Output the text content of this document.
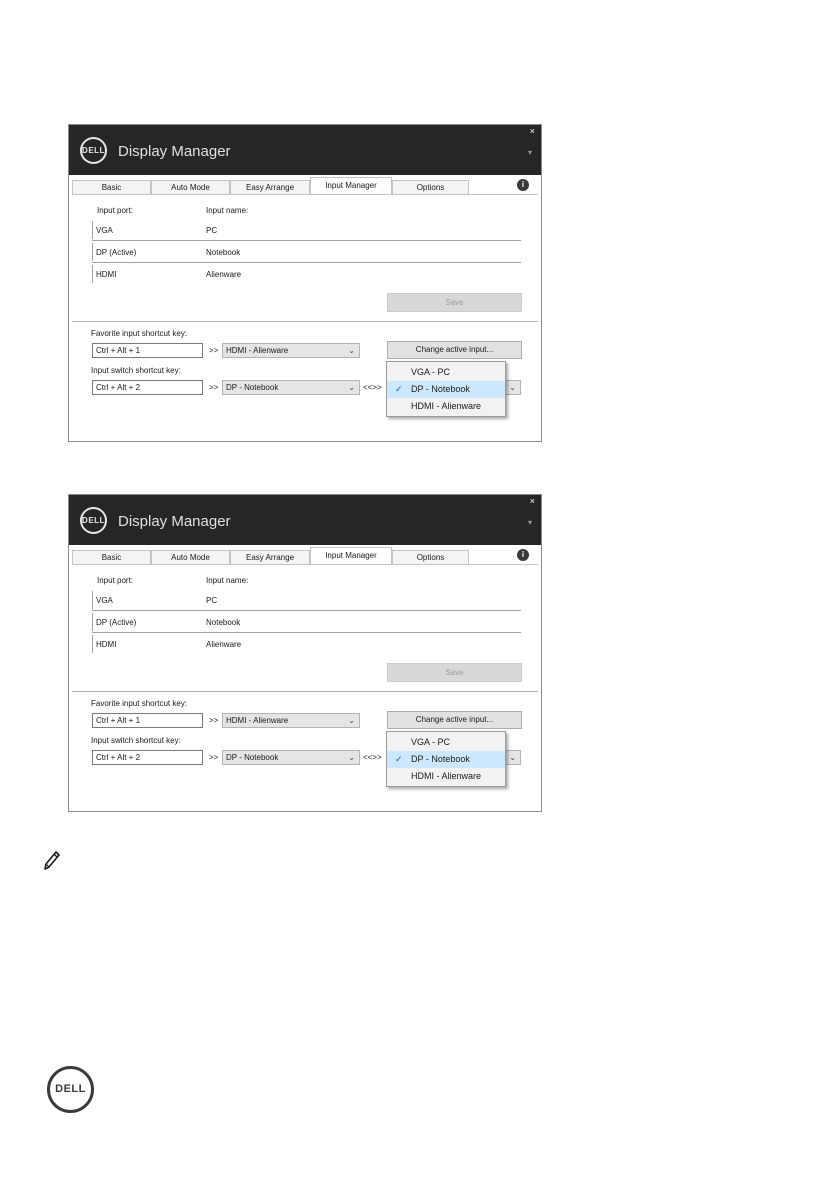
DELL Display Manager
×
▾
Basic	Auto Mode	Easy Arrange	Input Manager	Options	i
Input port:	Input name:
VGA	PC
DP (Active)	Notebook
HDMI	Alienware
Save
Favorite input shortcut key:
Ctrl + Alt + 1	>> HDMI - Alienware	⌄	Change active input...
Input switch shortcut key:
Ctrl + Alt + 2	>> DP - Notebook	⌄ <<>>	⌄
VGA - PC
✓ DP - Notebook
HDMI - Alienware
DELL Display Manager
×
▾
Basic	Auto Mode	Easy Arrange	Input Manager	Options	i
Input port:	Input name:
VGA	PC
DP (Active)	Notebook
HDMI	Alienware
Save
Favorite input shortcut key:
Ctrl + Alt + 1	>> HDMI - Alienware	⌄	Change active input...
Input switch shortcut key:
Ctrl + Alt + 2	>> DP - Notebook	⌄ <<>>	⌄
VGA - PC
✓ DP - Notebook
HDMI - Alienware
DELL
